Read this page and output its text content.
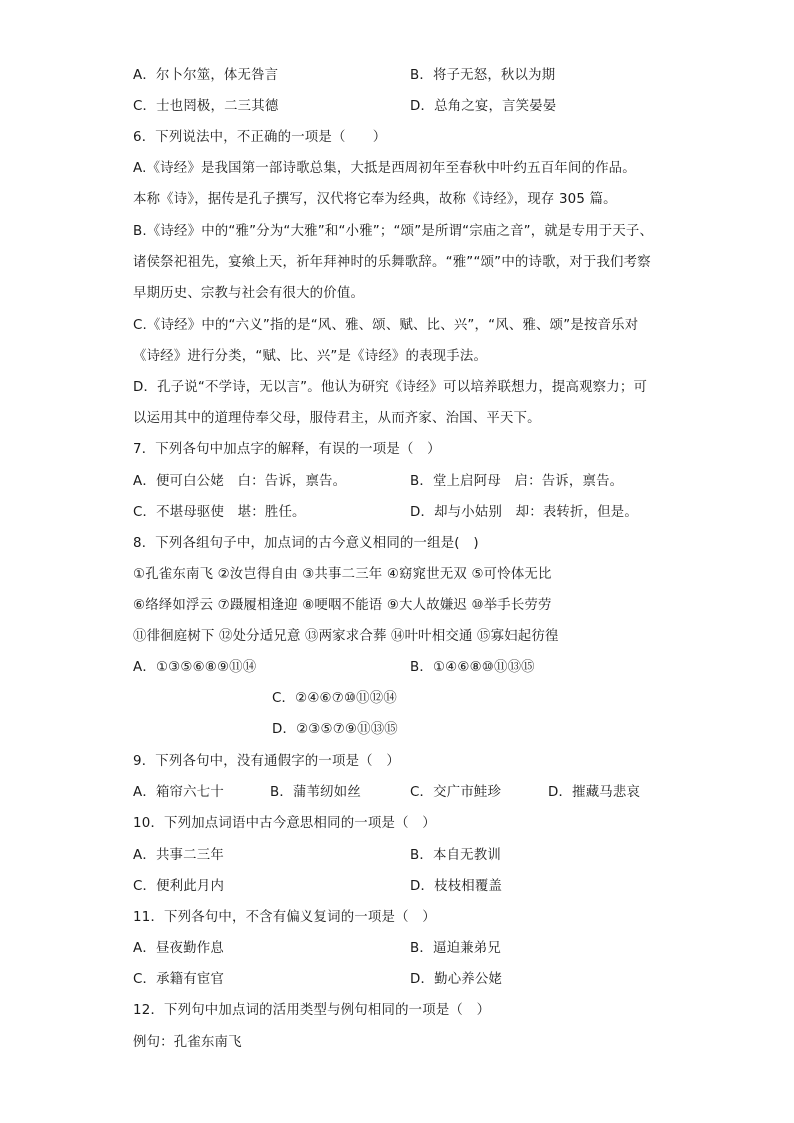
A．尔卜尔筮，体无咎言	B．将子无怒，秋以为期
C．士也罔极，二三其德	D．总角之宴，言笑晏晏
6．下列说法中，不正确的一项是（　　）
A.《诗经》是我国第一部诗歌总集，大抵是西周初年至春秋中叶约五百年间的作品。
本称《诗》，据传是孔子撰写，汉代将它奉为经典，故称《诗经》，现存 305 篇。
B.《诗经》中的“雅”分为“大雅”和“小雅”；“颂”是所谓“宗庙之音”，就是专用于天子、
诸侯祭祀祖先，宴飨上天，祈年拜神时的乐舞歌辞。“雅”“颂”中的诗歌，对于我们考察
早期历史、宗教与社会有很大的价值。
C.《诗经》中的“六义”指的是“风、雅、颂、赋、比、兴”，“风、雅、颂”是按音乐对
《诗经》进行分类，“赋、比、兴”是《诗经》的表现手法。
D．孔子说“不学诗，无以言”。他认为研究《诗经》可以培养联想力，提高观察力；可
以运用其中的道理侍奉父母，服侍君主，从而齐家、治国、平天下。
7．下列各句中加点字的解释，有误的一项是（　）
A．便可白公姥　白：告诉，禀告。	B．堂上启阿母　启：告诉，禀告。
C．不堪母驱使　堪：胜任。	D．却与小姑别　却：表转折，但是。
8．下列各组句子中，加点词的古今意义相同的一组是(　)
①孔雀东南飞 ②汝岂得自由 ③共事二三年 ④窈窕世无双 ⑤可怜体无比
⑥络绎如浮云 ⑦蹑履相逢迎 ⑧哽咽不能语 ⑨大人故嫌迟 ⑩举手长劳劳
⑪徘徊庭树下 ⑫处分适兄意 ⑬两家求合葬 ⑭叶叶相交通 ⑮寡妇起彷徨
A．①③⑤⑥⑧⑨⑪⑭	B．①④⑥⑧⑩⑪⑬⑮
C．②④⑥⑦⑩⑪⑫⑭
D．②③⑤⑦⑨⑪⑬⑮
9．下列各句中，没有通假字的一项是（　）
A．箱帘六七十	B．蒲苇纫如丝	C．交广市鲑珍	D．摧藏马悲哀
10．下列加点词语中古今意思相同的一项是（　）
A．共事二三年	B．本自无教训
C．便利此月内	D．枝枝相覆盖
11．下列各句中，不含有偏义复词的一项是（　）
A．昼夜勤作息	B．逼迫兼弟兄
C．承籍有宦官	D．勤心养公姥
12．下列句中加点词的活用类型与例句相同的一项是（　）
例句：孔雀东南飞
